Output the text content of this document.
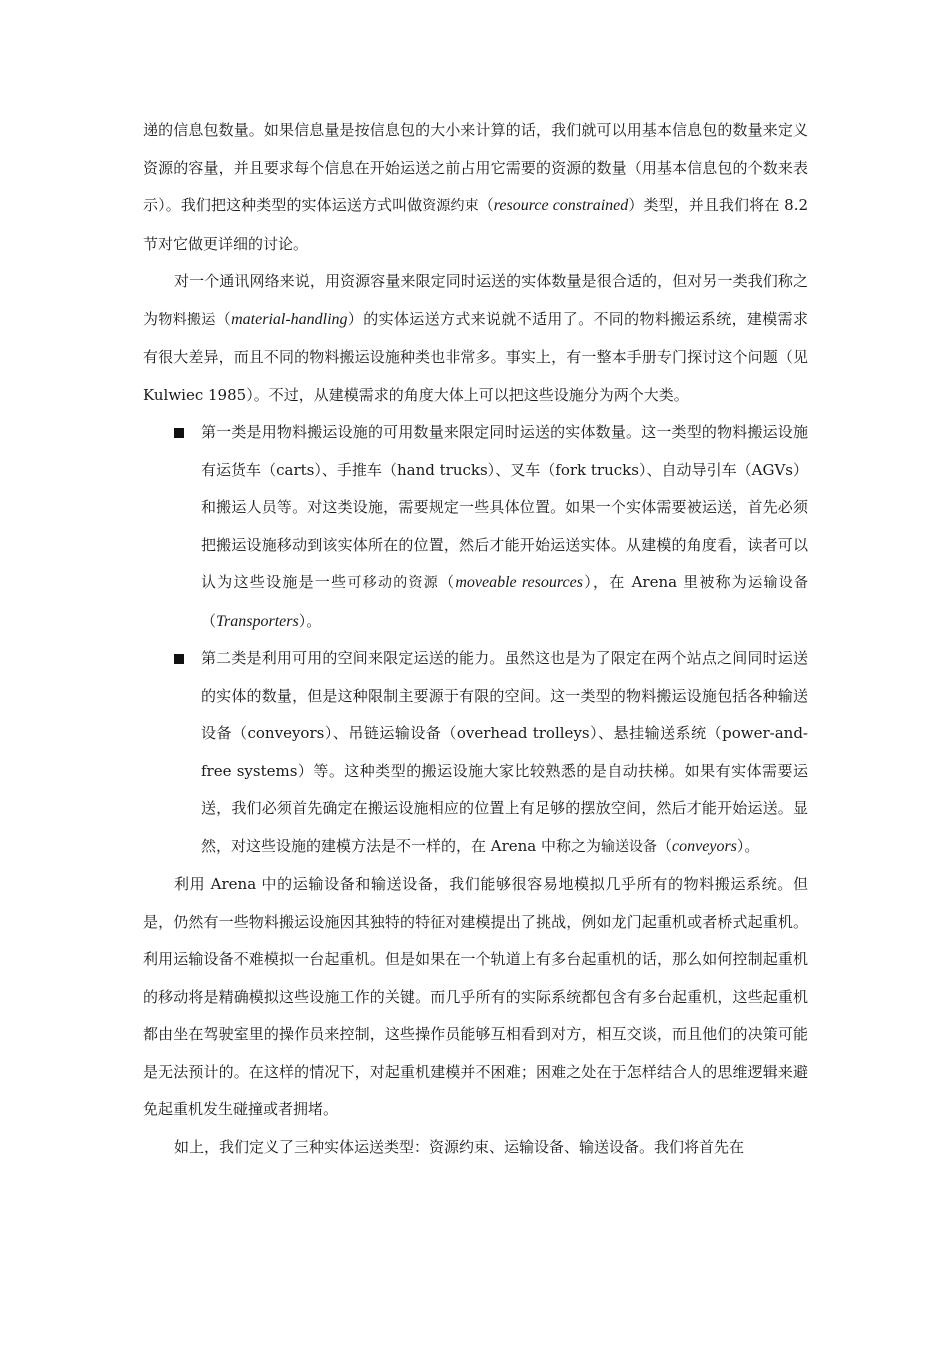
递的信息包数量。如果信息量是按信息包的大小来计算的话，我们就可以用基本信息包的数量来定义资源的容量，并且要求每个信息在开始运送之前占用它需要的资源的数量（用基本信息包的个数来表示）。我们把这种类型的实体运送方式叫做资源约束（resource constrained）类型，并且我们将在 8.2 节对它做更详细的讨论。

对一个通讯网络来说，用资源容量来限定同时运送的实体数量是很合适的，但对另一类我们称之为物料搬运（material-handling）的实体运送方式来说就不适用了。不同的物料搬运系统，建模需求有很大差异，而且不同的物料搬运设施种类也非常多。事实上，有一整本手册专门探讨这个问题（见 Kulwiec 1985）。不过，从建模需求的角度大体上可以把这些设施分为两个大类。

第一类是用物料搬运设施的可用数量来限定同时运送的实体数量。这一类型的物料搬运设施有运货车（carts）、手推车（hand trucks）、叉车（fork trucks）、自动导引车（AGVs）和搬运人员等。对这类设施，需要规定一些具体位置。如果一个实体需要被运送，首先必须把搬运设施移动到该实体所在的位置，然后才能开始运送实体。从建模的角度看，读者可以认为这些设施是一些可移动的资源（moveable resources），在 Arena 里被称为运输设备（Transporters）。

第二类是利用可用的空间来限定运送的能力。虽然这也是为了限定在两个站点之间同时运送的实体的数量，但是这种限制主要源于有限的空间。这一类型的物料搬运设施包括各种输送设备（conveyors）、吊链运输设备（overhead trolleys）、悬挂输送系统（power-and-free systems）等。这种类型的搬运设施大家比较熟悉的是自动扶梯。如果有实体需要运送，我们必须首先确定在搬运设施相应的位置上有足够的摆放空间，然后才能开始运送。显然，对这些设施的建模方法是不一样的，在 Arena 中称之为输送设备（conveyors）。

利用 Arena 中的运输设备和输送设备，我们能够很容易地模拟几乎所有的物料搬运系统。但是，仍然有一些物料搬运设施因其独特的特征对建模提出了挑战，例如龙门起重机或者桥式起重机。利用运输设备不难模拟一台起重机。但是如果在一个轨道上有多台起重机的话，那么如何控制起重机的移动将是精确模拟这些设施工作的关键。而几乎所有的实际系统都包含有多台起重机，这些起重机都由坐在驾驶室里的操作员来控制，这些操作员能够互相看到对方，相互交谈，而且他们的决策可能是无法预计的。在这样的情况下，对起重机建模并不困难；困难之处在于怎样结合人的思维逻辑来避免起重机发生碰撞或者拥堵。

如上，我们定义了三种实体运送类型：资源约束、运输设备、输送设备。我们将首先在
